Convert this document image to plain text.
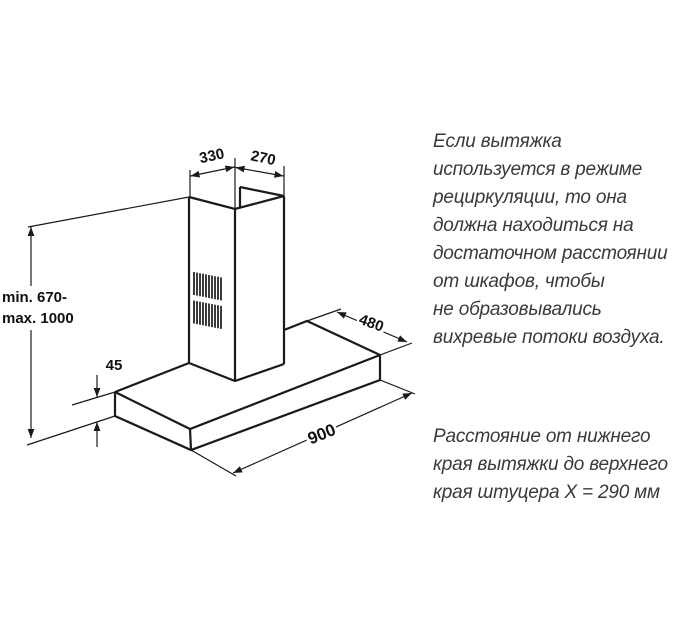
330 270
480
900
45
min. 670-
max. 1000
Если вытяжка
используется в режиме
рециркуляции, то она
должна находиться на
достаточном расстоянии
от шкафов, чтобы
не образовывались
вихревые потоки воздуха.
Расстояние от нижнего
края вытяжки до верхнего
края штуцера X = 290 мм
